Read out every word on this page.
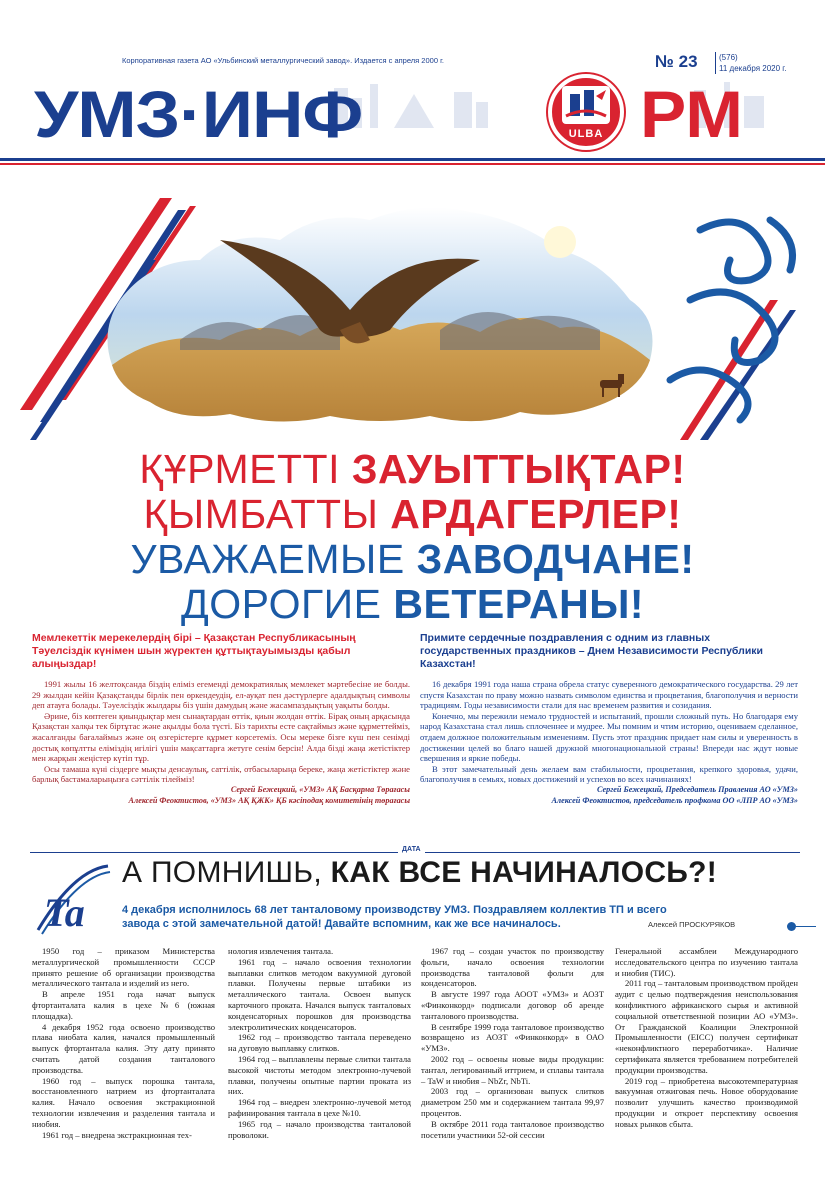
Корпоративная газета АО «Ульбинский металлургический завод». Издается с апреля 2000 г.	№ 23	(576)
11 декабря 2020 г.
УМЗ·ИНФ	РМ
ULBA
ҚҰРМЕТТІ ЗАУЫТТЫҚТАР!
ҚЫМБАТТЫ АРДАГЕРЛЕР!
УВАЖАЕМЫЕ ЗАВОДЧАНЕ!
ДОРОГИЕ ВЕТЕРАНЫ!
Мемлекеттік мерекелердің бірі – Қазақстан Республикасының Тәуелсіздік күнімен шын жүректен құттықтауымызды қабыл алыңыздар!

1991 жылы 16 желтоқсанда біздің еліміз егеменді демократиялық мемлекет мәртебесіне ие болды. 29 жылдан кейін Қазақстанды бірлік пен өркендеудің, ел-ауқат пен дәстүрлерге адалдықтың символы деп атауға болады. Тәуелсіздік жылдары біз үшін дамудың және жасампаздықтың уақыты болды.

Әрине, біз көптеген қиындықтар мен сынақтардан өттік, қиын жолдан өттік. Бірақ оның арқасында Қазақстан халқы тек біртұтас және ақылды бола түсті. Біз тарихты есте сақтаймыз және құрметтейміз, жасалғанды бағалаймыз және оң өзгерістерге құрмет көрсетеміз. Осы мереке бізге күш пен сенімді достық көпұлтты еліміздің игілігі үшін мақсаттарға жетуге сенім берсін! Алда бізді жаңа жетістіктер мен жарқын жеңістер күтіп тұр.

Осы тамаша күні сіздерге мықты денсаулық, саттілік, отбасыларыңа береке, жаңа жетістіктер және барлық бастамаларыңызға сәттілік тілейміз!

Сергей Бежецкий, «УМЗ» АҚ Басқарма Төрағасы

Алексей Феоктистов, «УМЗ» АҚ ҚЖК» ҚБ кәсіподақ комитетінің төрағасы

Примите сердечные поздравления с одним из главных государственных праздников – Днем Независимости Республики Казахстан!

16 декабря 1991 года наша страна обрела статус суверенного демократического государства. 29 лет спустя Казахстан по праву можно назвать символом единства и процветания, благополучия и верности традициям. Годы независимости стали для нас временем развития и созидания.

Конечно, мы пережили немало трудностей и испытаний, прошли сложный путь. Но благодаря ему народ Казахстана стал лишь сплоченнее и мудрее. Мы помним и чтим историю, оцениваем сделанное, отдаем должное положительным изменениям. Пусть этот праздник придает нам силы и уверенность в достижении целей во благо нашей дружной многонациональной страны! Впереди нас ждут новые свершения и яркие победы.

В этот замечательный день желаем вам стабильности, процветания, крепкого здоровья, удачи, благополучия в семьях, новых достижений и успехов во всех начинаниях!

Сергей Бежецкий, Председатель Правления АО «УМЗ»

Алексей Феоктистов, председатель профкома ОО «ЛПР АО «УМЗ»

ДАТА
Ta
А ПОМНИШЬ, КАК ВСЕ НАЧИНАЛОСЬ?!
4 декабря исполнилось 68 лет танталовому производству УМЗ. Поздравляем коллектив ТП и всего завода с этой замечательной датой! Давайте вспомним, как же все начиналось.	Алексей ПРОСКУРЯКОВ

1950 год – приказом Министерства металлургической промышленности СССР принято решение об организации производства металлического тантала и изделий из него.

В апреле 1951 года начат выпуск фтортанталата калия в цехе №6 (южная площадка).

4 декабря 1952 года освоено производство плава ниобата калия, начался промышленный выпуск фтортантала калия. Эту дату принято считать датой создания танталового производства.

1960 год – выпуск порошка тантала, восстановленного натрием из фтортанталата калия. Начало освоения экстракционной технологии извлечения и разделения тантала и ниобия.

1961 год – внедрена экстракционная тех-

нология извлечения тантала.

1961 год – начало освоения технологии выплавки слитков методом вакуумной дуговой плавки. Получены первые штабики из металлического тантала. Освоен выпуск карточного проката. Начался выпуск танталовых конденсаторных порошков для производства электролитических конденсаторов.

1962 год – производство тантала переведено на дуговую выплавку слитков.

1964 год – выплавлены первые слитки тантала высокой чистоты методом электронно-лучевой плавки, получены опытные партии проката из них.

1964 год – внедрен электронно-лучевой метод рафинирования тантала в цехе №10.

1965 год – начало производства танталовой проволоки.

1967 год – создан участок по производству фольги, начало освоения технологии производства танталовой фольги для конденсаторов.

В августе 1997 года АООТ «УМЗ» и АОЗТ «Финконкорд» подписали договор об аренде танталового производства.

В сентябре 1999 года танталовое производство возвращено из АОЗТ «Финконкорд» в ОАО «УМЗ».

2002 год – освоены новые виды продукции: тантал, легированный иттрием, и сплавы тантала – TaW и ниобия – NbZr, NbTi.

2003 год – организован выпуск слитков диаметром 250 мм и содержанием тантала 99,97 процентов.

В октябре 2011 года танталовое производство посетили участники 52-ой сессии

Генеральной ассамблеи Международного исследовательского центра по изучению тантала и ниобия (ТИС).

2011 год – танталовым производством пройден аудит с целью подтверждения неиспользования конфликтного африканского сырья и активной социальной ответственной позиции АО «УМЗ». От Гражданской Коалиции Электронной Промышленности (EICC) получен сертификат «неконфликтного переработчика». Наличие сертификата является требованием потребителей продукции производства.

2019 год – приобретена высокотемпературная вакуумная отжиговая печь. Новое оборудование позволит улучшить качество производимой продукции и откроет перспективу освоения новых рынков сбыта.
